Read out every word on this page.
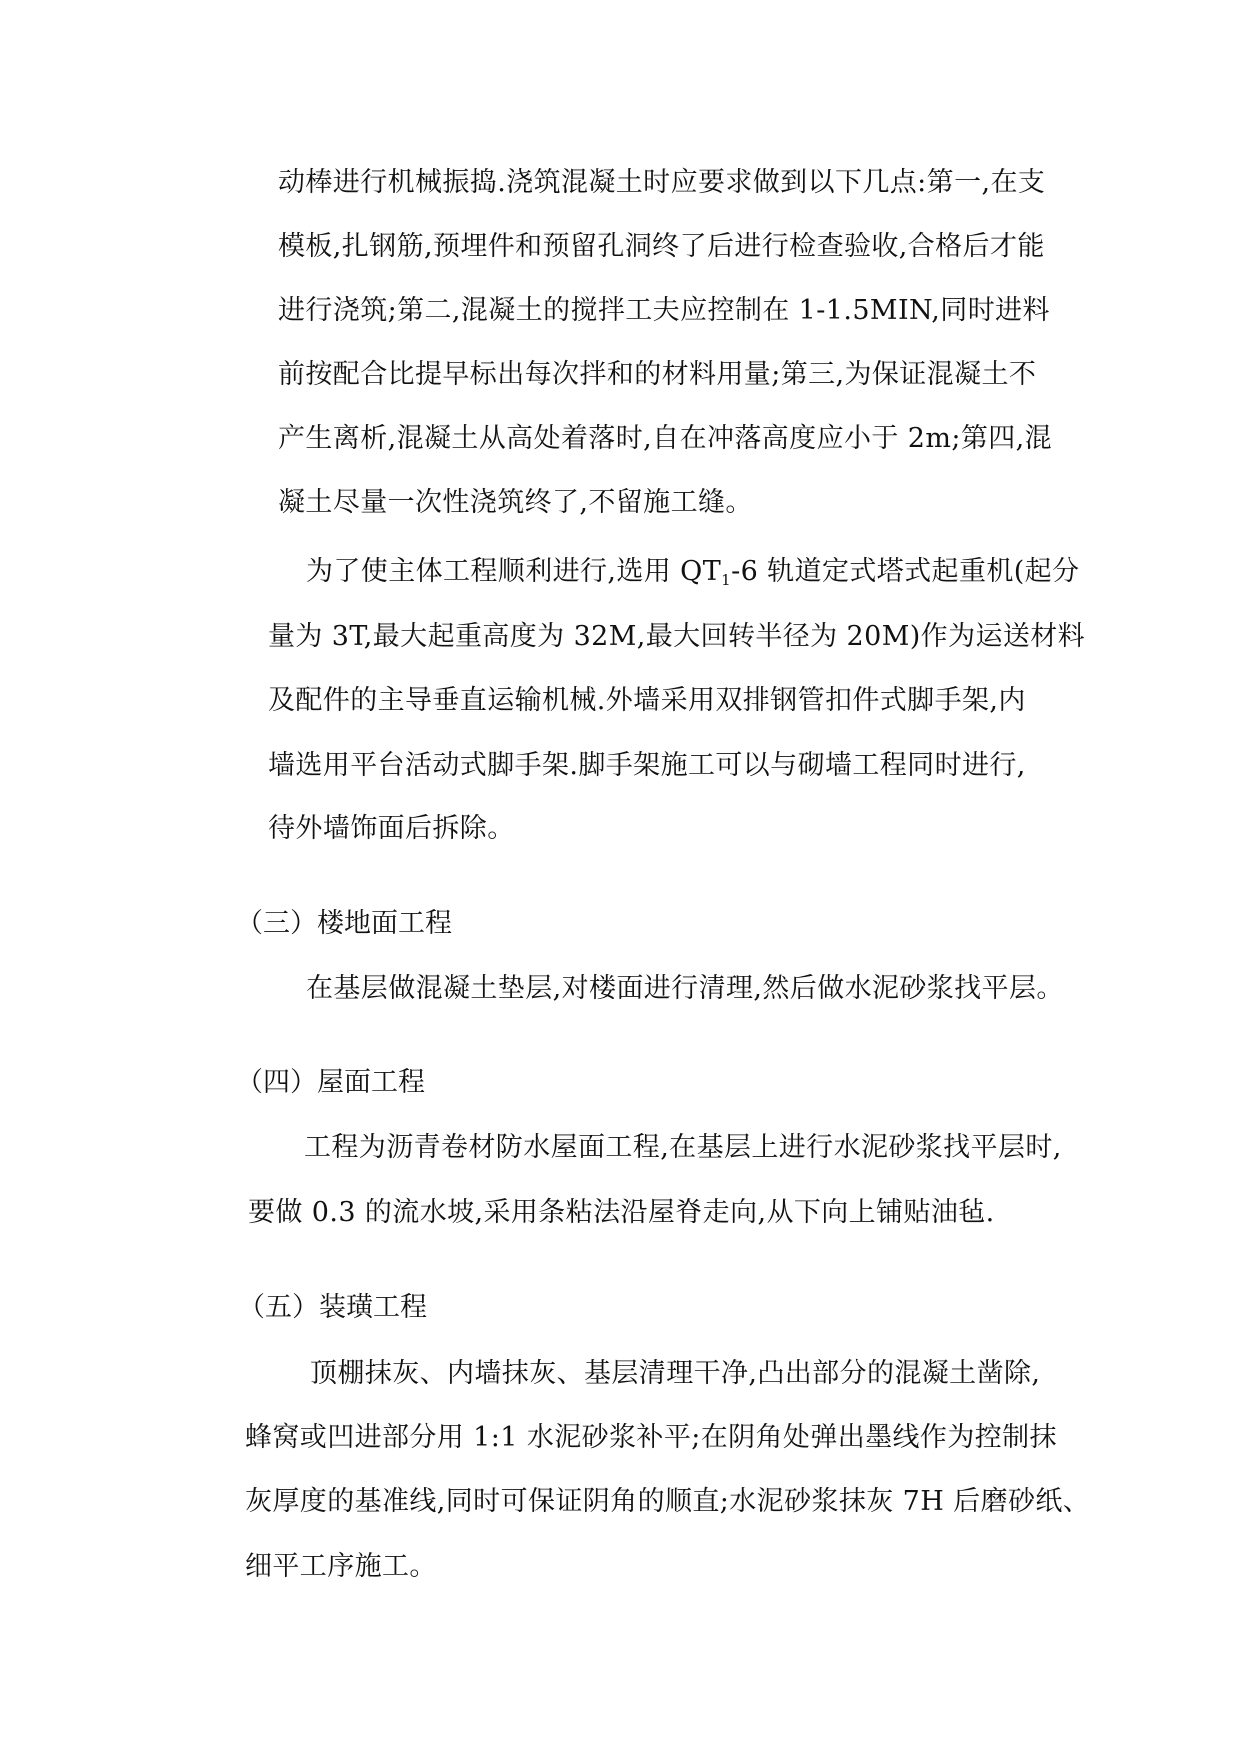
动棒进行机械振捣.浇筑混凝土时应要求做到以下几点:第一,在支
模板,扎钢筋,预埋件和预留孔洞终了后进行检查验收,合格后才能
进行浇筑;第二,混凝土的搅拌工夫应控制在 1-1.5MIN,同时进料
前按配合比提早标出每次拌和的材料用量;第三,为保证混凝土不
产生离析,混凝土从高处着落时,自在冲落高度应小于 2m;第四,混
凝土尽量一次性浇筑终了,不留施工缝。
为了使主体工程顺利进行,选用 $QT_1-6$ 轨道定式塔式起重机(起分
量为 3T,最大起重高度为 32M,最大回转半径为 20M)作为运送材料
及配件的主导垂直运输机械.外墙采用双排钢管扣件式脚手架,内
墙选用平台活动式脚手架.脚手架施工可以与砌墙工程同时进行,
待外墙饰面后拆除。
（三）楼地面工程
在基层做混凝土垫层,对楼面进行清理,然后做水泥砂浆找平层。
（四）屋面工程
工程为沥青卷材防水屋面工程,在基层上进行水泥砂浆找平层时,
要做 0.3 的流水坡,采用条粘法沿屋脊走向,从下向上铺贴油毡.
（五）装璜工程
顶棚抹灰、内墙抹灰、基层清理干净,凸出部分的混凝土凿除,
蜂窝或凹进部分用 1:1 水泥砂浆补平;在阴角处弹出墨线作为控制抹
灰厚度的基准线,同时可保证阴角的顺直;水泥砂浆抹灰 7H 后磨砂纸、
细平工序施工。
